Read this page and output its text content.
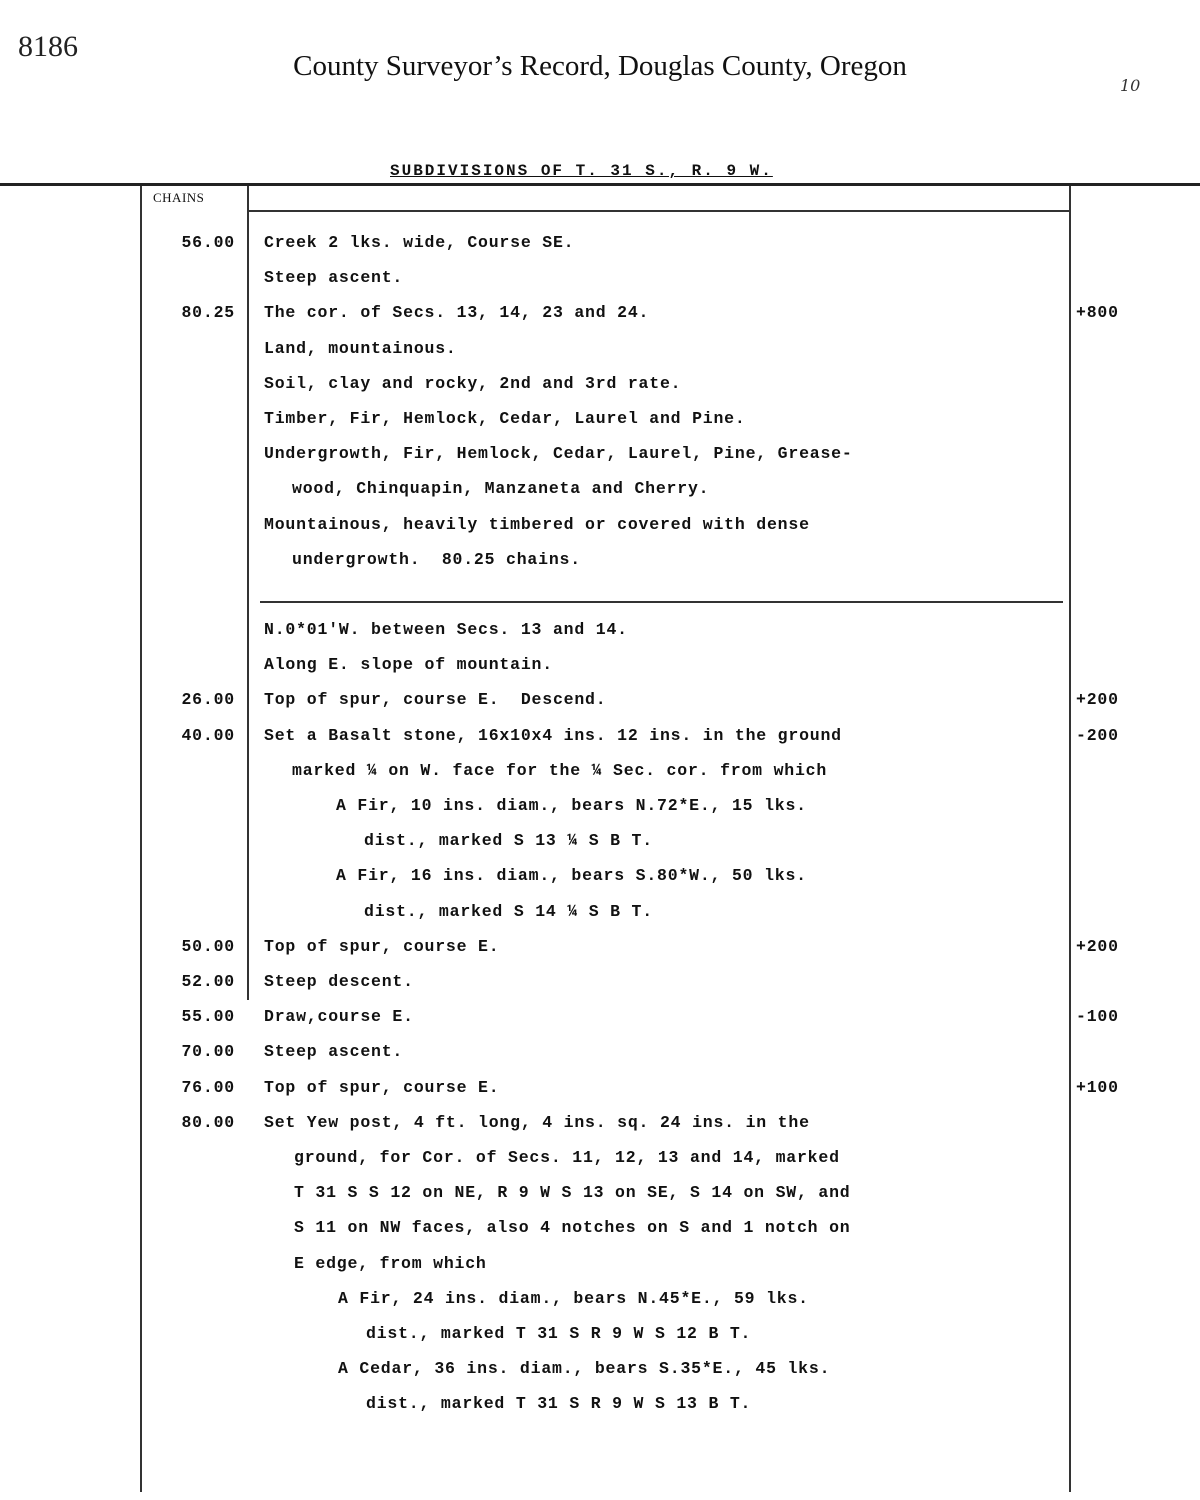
8186
County Surveyor’s Record, Douglas County, Oregon
10
SUBDIVISIONS OF T. 31 S., R. 9 W.
CHAINS
56.00 Creek 2 lks. wide, Course SE.
Steep ascent.
80.25 The cor. of Secs. 13, 14, 23 and 24.	+800
Land, mountainous.
Soil, clay and rocky, 2nd and 3rd rate.
Timber, Fir, Hemlock, Cedar, Laurel and Pine.
Undergrowth, Fir, Hemlock, Cedar, Laurel, Pine, Grease-
wood, Chinquapin, Manzaneta and Cherry.
Mountainous, heavily timbered or covered with dense
undergrowth.  80.25 chains.
N.0*01'W. between Secs. 13 and 14.
Along E. slope of mountain.
26.00 Top of spur, course E.  Descend.	+200
40.00 Set a Basalt stone, 16x10x4 ins. 12 ins. in the ground	-200
marked ¼ on W. face for the ¼ Sec. cor. from which
A Fir, 10 ins. diam., bears N.72*E., 15 lks.
dist., marked S 13 ¼ S B T.
A Fir, 16 ins. diam., bears S.80*W., 50 lks.
dist., marked S 14 ¼ S B T.
50.00 Top of spur, course E.	+200
52.00 Steep descent.
55.00 Draw,course E.	-100
70.00 Steep ascent.
76.00 Top of spur, course E.	+100
80.00 Set Yew post, 4 ft. long, 4 ins. sq. 24 ins. in the
ground, for Cor. of Secs. 11, 12, 13 and 14, marked
T 31 S S 12 on NE, R 9 W S 13 on SE, S 14 on SW, and
S 11 on NW faces, also 4 notches on S and 1 notch on
E edge, from which
A Fir, 24 ins. diam., bears N.45*E., 59 lks.
dist., marked T 31 S R 9 W S 12 B T.
A Cedar, 36 ins. diam., bears S.35*E., 45 lks.
dist., marked T 31 S R 9 W S 13 B T.
